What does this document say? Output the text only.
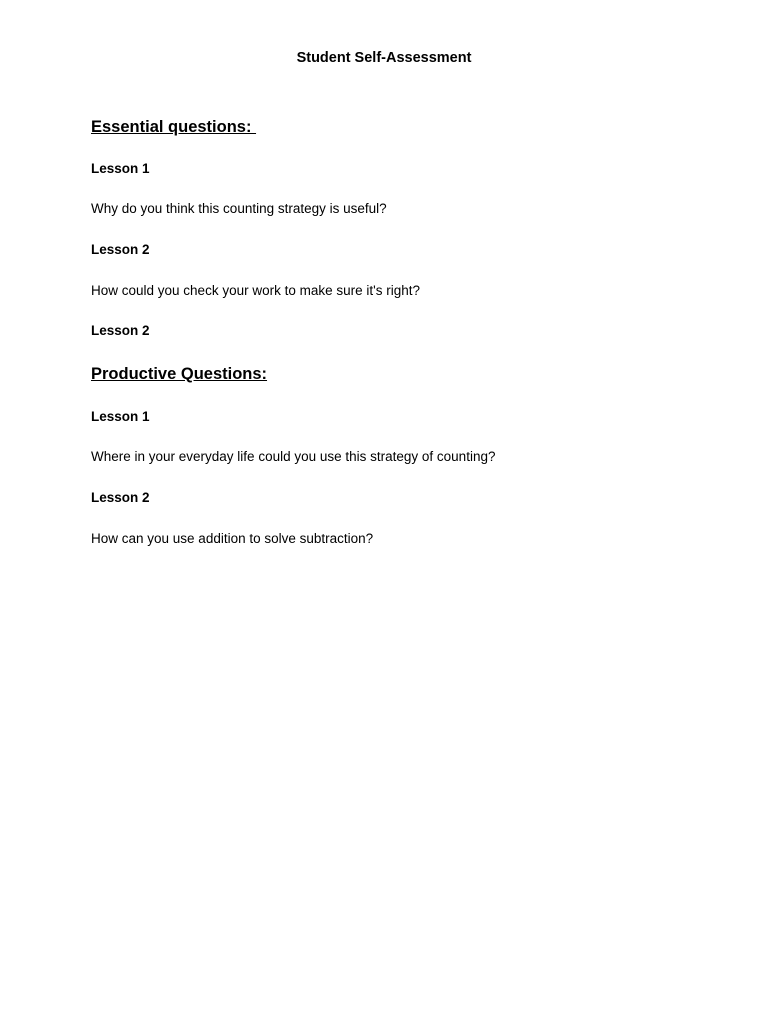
Student Self-Assessment
Essential questions:
Lesson 1
Why do you think this counting strategy is useful?
Lesson 2
How could you check your work to make sure it's right?
Lesson 2
Productive Questions:
Lesson 1
Where in your everyday life could you use this strategy of counting?
Lesson 2
How can you use addition to solve subtraction?
